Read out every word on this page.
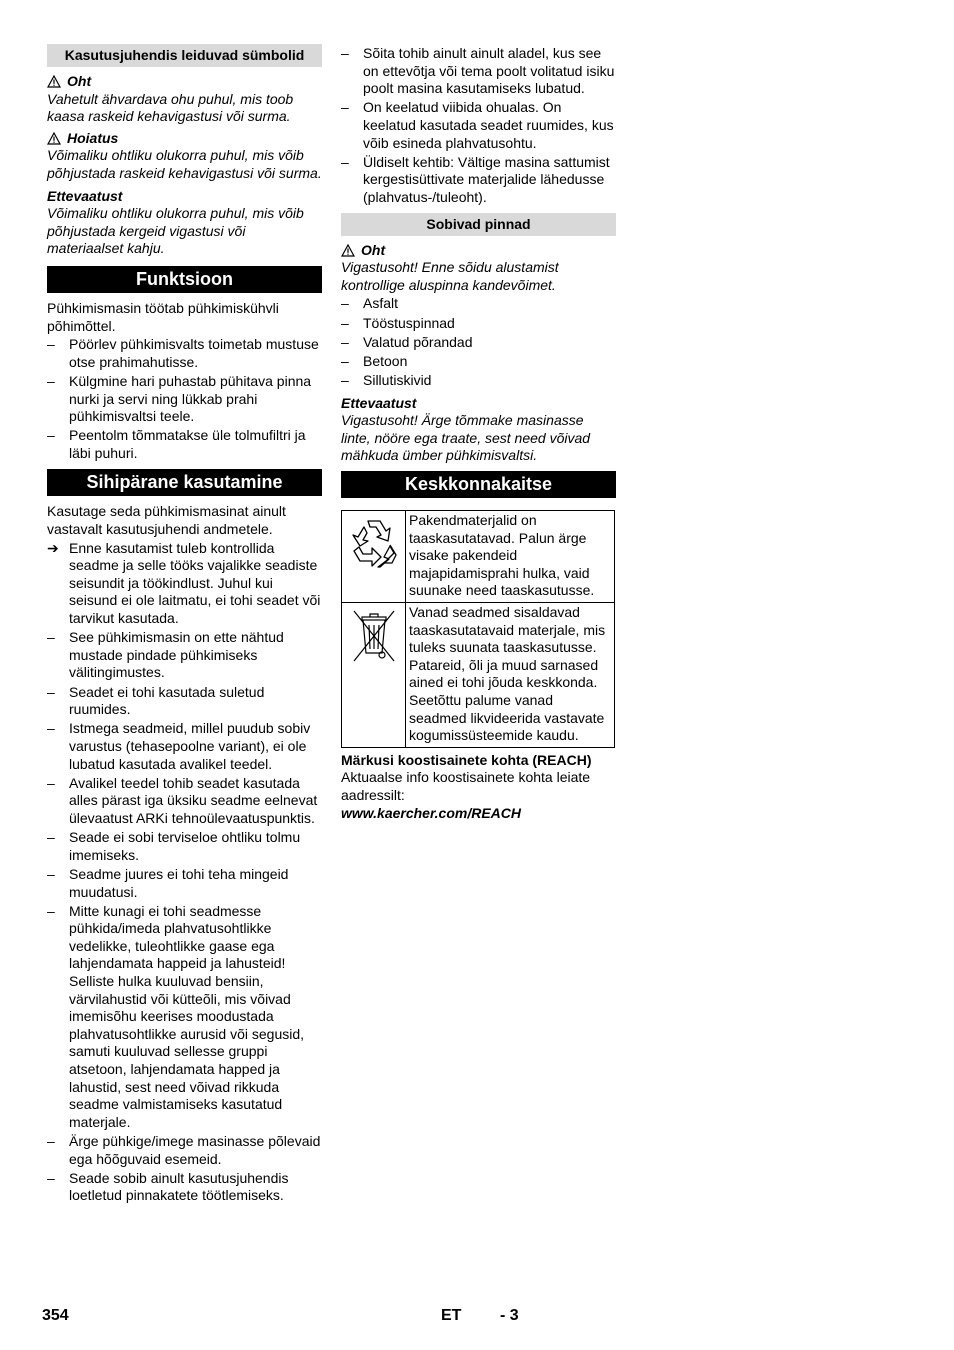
Kasutusjuhendis leiduvad sümbolid
Oht

Vahetult ähvardava ohu puhul, mis toob kaasa raskeid kehavigastusi või surma.

Hoiatus

Võimaliku ohtliku olukorra puhul, mis võib põhjustada raskeid kehavigastusi või surma.

Ettevaatust

Võimaliku ohtliku olukorra puhul, mis võib põhjustada kergeid vigastusi või materiaalset kahju.

Funktsioon

Pühkimismasin töötab pühkimiskühvli põhimõttel.

–	Pöörlev pühkimisvalts toimetab mustuse otse prahimahutisse.
–	Külgmine hari puhastab pühitava pinna nurki ja servi ning lükkab prahi pühkimisvaltsi teele.
–	Peentolm tõmmatakse üle tolmufiltri ja läbi puhuri.
Sihipärane kasutamine

Kasutage seda pühkimismasinat ainult vastavalt kasutusjuhendi andmetele.

➔ Enne kasutamist tuleb kontrollida seadme ja selle tööks vajalikke seadiste seisundit ja töökindlust. Juhul kui seisund ei ole laitmatu, ei tohi seadet või tarvikut kasutada.
–	See pühkimismasin on ette nähtud mustade pindade pühkimiseks välitingimustes.
–	Seadet ei tohi kasutada suletud ruumides.
–	Istmega seadmeid, millel puudub sobiv varustus (tehasepoolne variant), ei ole lubatud kasutada avalikel teedel.
–	Avalikel teedel tohib seadet kasutada alles pärast iga üksiku seadme eelnevat ülevaatust ARKi tehnoülevaatuspunktis.
–	Seade ei sobi terviseloe ohtliku tolmu imemiseks.
–	Seadme juures ei tohi teha mingeid muudatusi.
–	Mitte kunagi ei tohi seadmesse pühkida/imeda plahvatusohtlikke vedelikke, tuleohtlikke gaase ega lahjendamata happeid ja lahusteid! Selliste hulka kuuluvad bensiin, värvilahustid või kütteõli, mis võivad imemisõhu keerises moodustada plahvatusohtlikke aurusid või segusid, samuti kuuluvad sellesse gruppi atsetoon, lahjendamata happed ja lahustid, sest need võivad rikkuda seadme valmistamiseks kasutatud materjale.
–	Ärge pühkige/imege masinasse põlevaid ega hõõguvaid esemeid.
–	Seade sobib ainult kasutusjuhendis loetletud pinnakatete töötlemiseks.
–	Sõita tohib ainult ainult aladel, kus see on ettevõtja või tema poolt volitatud isiku poolt masina kasutamiseks lubatud.
–	On keelatud viibida ohualas. On keelatud kasutada seadet ruumides, kus võib esineda plahvatusohtu.
–	Üldiselt kehtib: Vältige masina sattumist kergestisüttivate materjalide lähedusse (plahvatus-/tuleoht).
Sobivad pinnad
Oht

Vigastusoht! Enne sõidu alustamist kontrollige aluspinna kandevõimet.

–	Asfalt
–	Tööstuspinnad
–	Valatud põrandad
–	Betoon
–	Sillutiskivid
Ettevaatust

Vigastusoht! Ärge tõmmake masinasse linte, nööre ega traate, sest need võivad mähkuda ümber pühkimisvaltsi.

Keskkonnakaitse
	Pakendmaterjalid on taaskasutatavad. Palun ärge visake pakendeid majapidamisprahi hulka, vaid suunake need taaskasutusse.
	Vanad seadmed sisaldavad taaskasutatavaid materjale, mis tuleks suunata taaskasutusse. Patareid, õli ja muud sarnased ained ei tohi jõuda keskkonda. Seetõttu palume vanad seadmed likvideerida vastavate kogumissüsteemide kaudu.
Märkusi koostisainete kohta (REACH)

Aktuaalse info koostisainete kohta leiate aadressilt:

www.kaercher.com/REACH

354	ET - 3
